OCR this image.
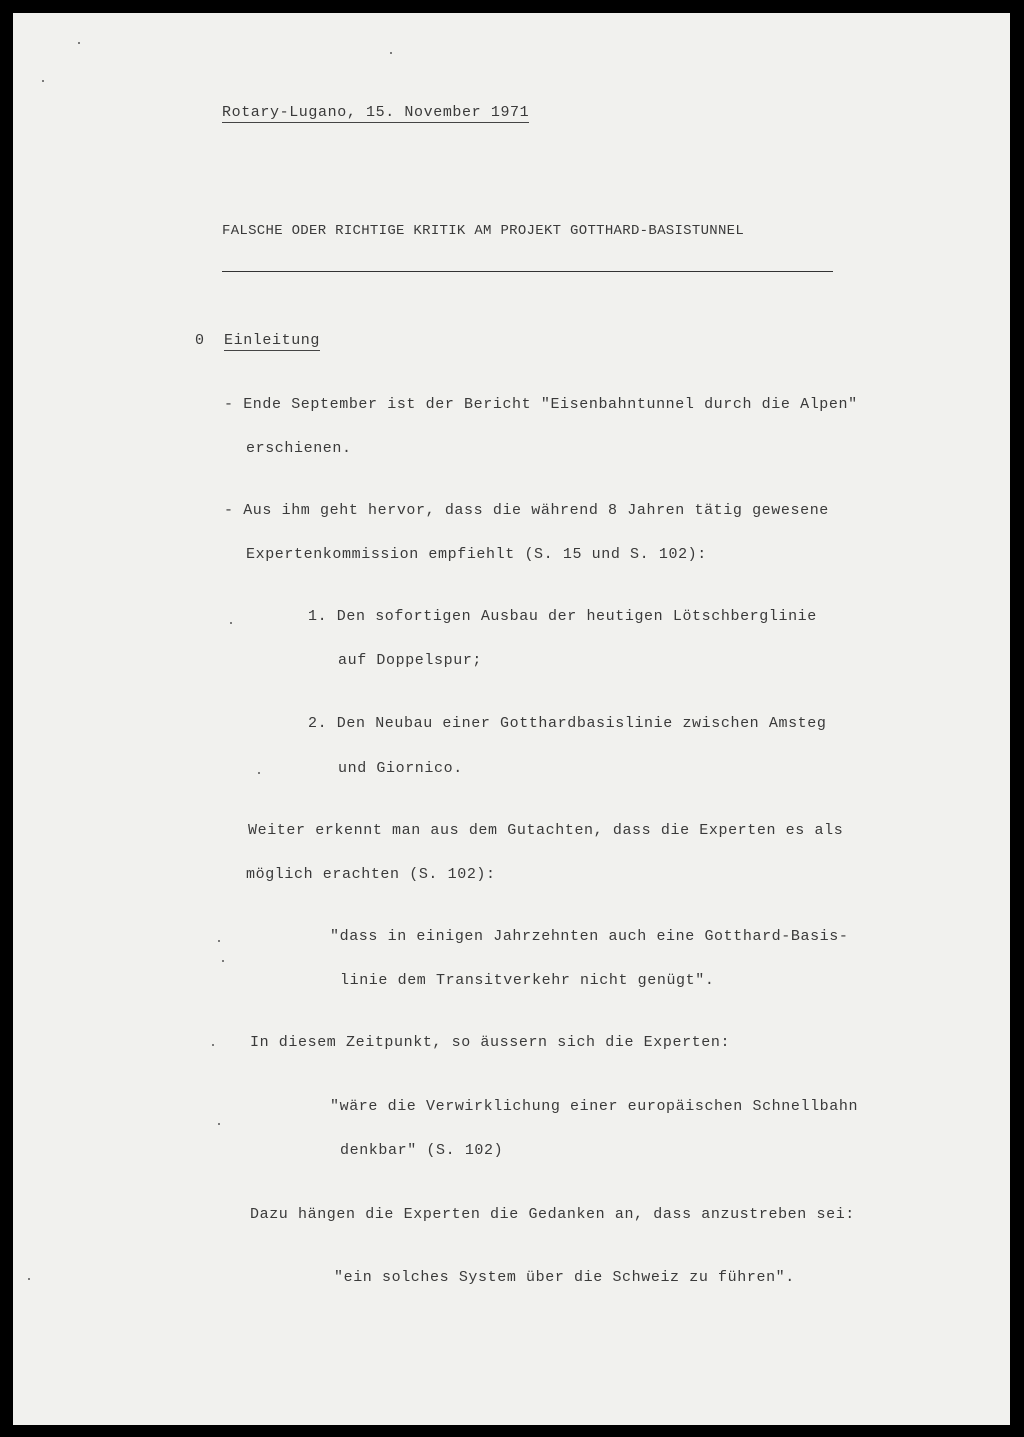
Rotary-Lugano, 15. November 1971
FALSCHE ODER RICHTIGE KRITIK AM PROJEKT GOTTHARD-BASISTUNNEL
0 Einleitung
- Ende September ist der Bericht "Eisenbahntunnel durch die Alpen"
erschienen.
- Aus ihm geht hervor, dass die während 8 Jahren tätig gewesene
Expertenkommission empfiehlt (S. 15 und S. 102):
1. Den sofortigen Ausbau der heutigen Lötschberglinie
auf Doppelspur;
2. Den Neubau einer Gotthardbasislinie zwischen Amsteg
und Giornico.
Weiter erkennt man aus dem Gutachten, dass die Experten es als
möglich erachten (S. 102):
"dass in einigen Jahrzehnten auch eine Gotthard-Basis-
linie dem Transitverkehr nicht genügt".
In diesem Zeitpunkt, so äussern sich die Experten:
"wäre die Verwirklichung einer europäischen Schnellbahn
denkbar" (S. 102)
Dazu hängen die Experten die Gedanken an, dass anzustreben sei:
"ein solches System über die Schweiz zu führen".
